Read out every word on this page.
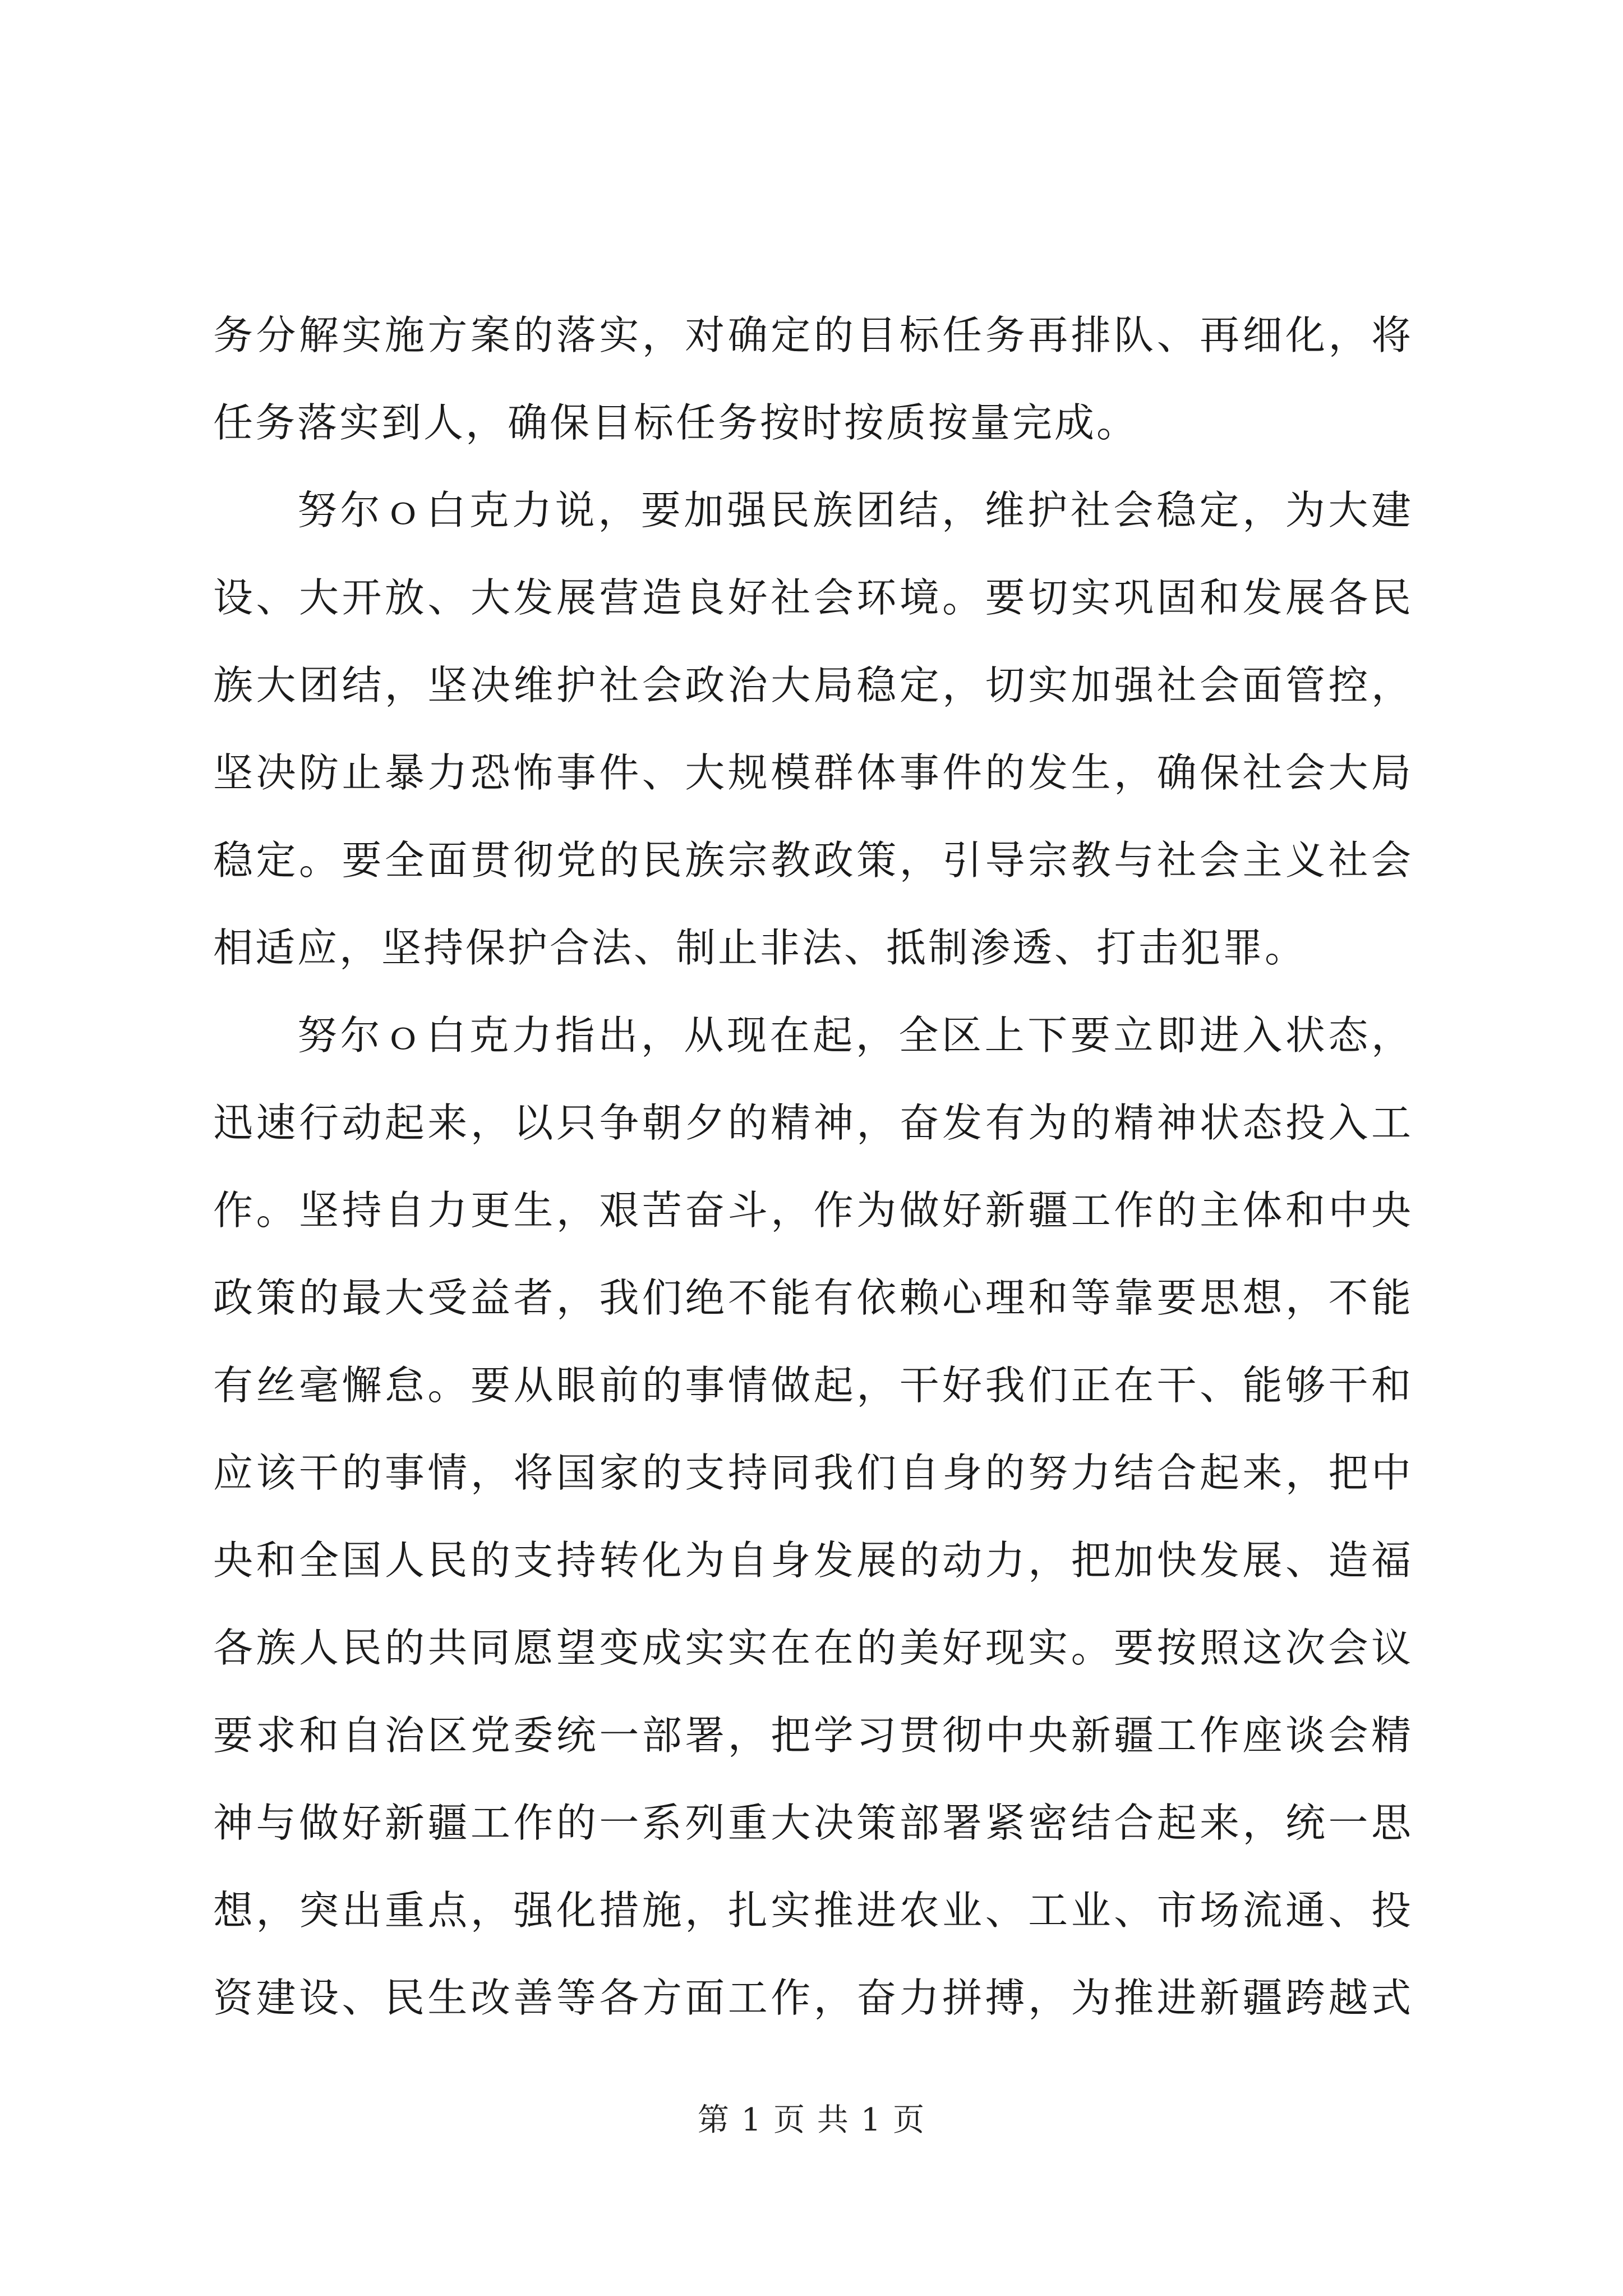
务分解实施方案的落实，对确定的目标任务再排队、再细化，将
任务落实到人，确保目标任务按时按质按量完成。
努尔ｏ白克力说，要加强民族团结，维护社会稳定，为大建
设、大开放、大发展营造良好社会环境。要切实巩固和发展各民
族大团结，坚决维护社会政治大局稳定，切实加强社会面管控，
坚决防止暴力恐怖事件、大规模群体事件的发生，确保社会大局
稳定。要全面贯彻党的民族宗教政策，引导宗教与社会主义社会
相适应，坚持保护合法、制止非法、抵制渗透、打击犯罪。
努尔ｏ白克力指出，从现在起，全区上下要立即进入状态，
迅速行动起来，以只争朝夕的精神，奋发有为的精神状态投入工
作。坚持自力更生，艰苦奋斗，作为做好新疆工作的主体和中央
政策的最大受益者，我们绝不能有依赖心理和等靠要思想，不能
有丝毫懈怠。要从眼前的事情做起，干好我们正在干、能够干和
应该干的事情，将国家的支持同我们自身的努力结合起来，把中
央和全国人民的支持转化为自身发展的动力，把加快发展、造福
各族人民的共同愿望变成实实在在的美好现实。要按照这次会议
要求和自治区党委统一部署，把学习贯彻中央新疆工作座谈会精
神与做好新疆工作的一系列重大决策部署紧密结合起来，统一思
想，突出重点，强化措施，扎实推进农业、工业、市场流通、投
资建设、民生改善等各方面工作，奋力拼搏，为推进新疆跨越式
第 1 页 共 1 页
